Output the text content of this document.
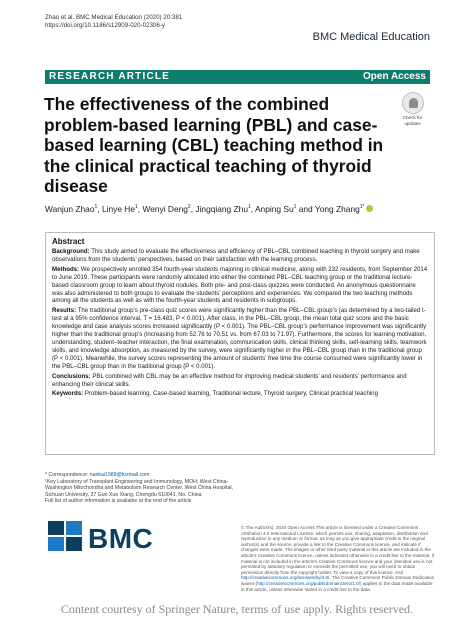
Zhao et al. BMC Medical Education (2020) 20:381
https://doi.org/10.1186/s12909-020-02306-y
BMC Medical Education
RESEARCH ARTICLE	Open Access
The effectiveness of the combined problem-based learning (PBL) and case-based learning (CBL) teaching method in the clinical practical teaching of thyroid disease
Check for
updates
Wanjun Zhao$^1$, Linye He$^1$, Wenyi Deng$^2$, Jingqiang Zhu$^1$, Anping Su$^1$ and Yong Zhang$^{1*}$
Abstract

Background: This study aimed to evaluate the effectiveness and efficiency of PBL–CBL combined teaching in thyroid surgery and make observations from the students’ perspectives, based on their satisfaction with the learning process.

Methods: We prospectively enrolled 354 fourth-year students majoring in clinical medicine, along with 232 residents, from September 2014 to June 2019. These participants were randomly allocated into either the combined PBL–CBL teaching group or the traditional lecture-based classroom group to learn about thyroid nodules. Both pre- and post-class quizzes were conducted. An anonymous questionnaire was also administered to both groups to evaluate the students’ perceptions and experiences. We compared the two teaching methods among all the students as well as with the fourth-year students and residents in subgroups.

Results: The traditional group’s pre-class quiz scores were significantly higher than the PBL–CBL group’s (as determined by a two-tailed t-test at a 95% confidence interval, T = 16.483, P < 0.001). After class, in the PBL–CBL group, the mean total quiz score and the basic knowledge and case analysis scores increased significantly (P < 0.001). The PBL–CBL group’s performance improvement was significantly higher than the traditional group’s (increasing from 52.76 to 70.51 vs. from 67.03 to 71.97). Furthermore, the scores for learning motivation, understanding, student–teacher interaction, the final examination, communication skills, clinical thinking skills, self-learning skills, teamwork skills, and knowledge absorption, as measured by the survey, were significantly higher in the PBL–CBL group than in the traditional group (P < 0.001). Meanwhile, the survey scores representing the amount of students’ free time the course consumed were significantly lower in the PBL–CBL group than in the traditional group (P < 0.001).

Conclusions: PBL combined with CBL may be an effective method for improving medical students’ and residents’ performance and enhancing their clinical skills.

Keywords: Problem-based learning, Case-based learning, Traditional lecture, Thyroid surgery, Clinical practical teaching

* Correspondence: nankai1989@foxmail.com
¹Key Laboratory of Transplant Engineering and Immunology, MOH; West China-Washington Mitochondria and Metabolism Research Center, West China Hospital, Sichuan University, 37 Guo Xue Xiang, Chengdu 610041, No. China
Full list of author information is available at the end of the article
BMC	© The Author(s). 2020 Open Access This article is licensed under a Creative Commons Attribution 4.0 International License, which permits use, sharing, adaptation, distribution and reproduction in any medium or format, as long as you give appropriate credit to the original author(s) and the source, provide a link to the Creative Commons licence, and indicate if changes were made. The images or other third party material in this article are included in the article's Creative Commons licence, unless indicated otherwise in a credit line to the material. If material is not included in the article's Creative Commons licence and your intended use is not permitted by statutory regulation or exceeds the permitted use, you will need to obtain permission directly from the copyright holder. To view a copy of this licence, visit http://creativecommons.org/licenses/by/4.0/. The Creative Commons Public Domain Dedication waiver (http://creativecommons.org/publicdomain/zero/1.0/) applies to the data made available in this article, unless otherwise stated in a credit line to the data.
Content courtesy of Springer Nature, terms of use apply. Rights reserved.
